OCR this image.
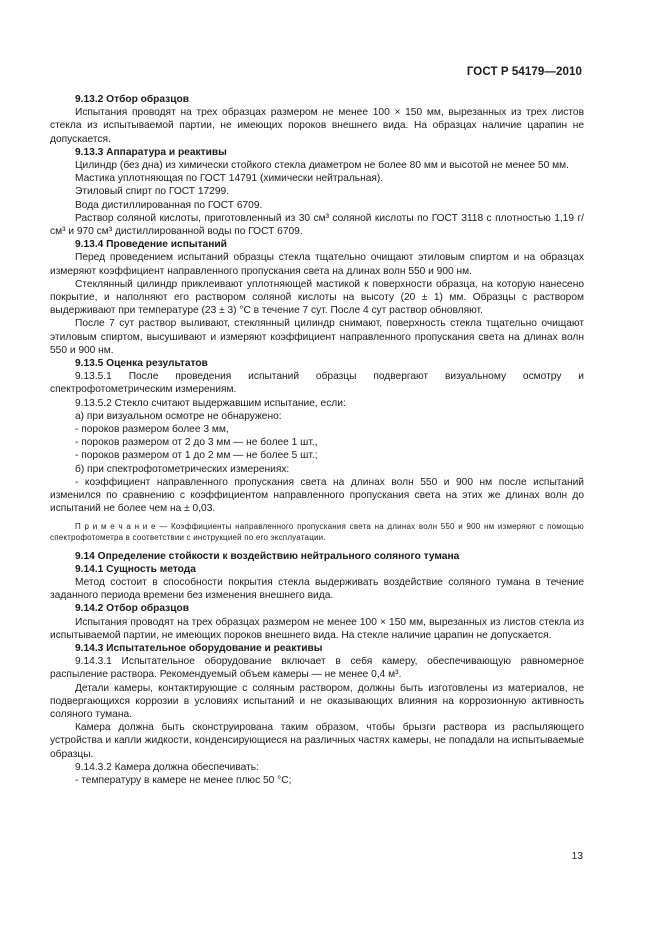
ГОСТ Р 54179—2010

9.13.2 Отбор образцов

Испытания проводят на трех образцах размером не менее 100 × 150 мм, вырезанных из трех листов стекла из испытываемой партии, не имеющих пороков внешнего вида. На образцах наличие царапин не допускается.

9.13.3 Аппаратура и реактивы

Цилиндр (без дна) из химически стойкого стекла диаметром не более 80 мм и высотой не менее 50 мм.

Мастика уплотняющая по ГОСТ 14791 (химически нейтральная).

Этиловый спирт по ГОСТ 17299.

Вода дистиллированная по ГОСТ 6709.

Раствор соляной кислоты, приготовленный из 30 см³ соляной кислоты по ГОСТ 3118 с плотностью 1,19 г/см³ и 970 см³ дистиллированной воды по ГОСТ 6709.

9.13.4 Проведение испытаний

Перед проведением испытаний образцы стекла тщательно очищают этиловым спиртом и на образцах измеряют коэффициент направленного пропускания света на длинах волн 550 и 900 нм.

Стеклянный цилиндр приклеивают уплотняющей мастикой к поверхности образца, на которую нанесено покрытие, и наполняют его раствором соляной кислоты на высоту (20 ± 1) мм. Образцы с раствором выдерживают при температуре (23 ± 3) °С в течение 7 сут. После 4 сут раствор обновляют.

После 7 сут раствор выливают, стеклянный цилиндр снимают, поверхность стекла тщательно очищают этиловым спиртом, высушивают и измеряют коэффициент направленного пропускания света на длинах волн 550 и 900 нм.

9.13.5 Оценка результатов

9.13.5.1 После проведения испытаний образцы подвергают визуальному осмотру и спектрофотометрическим измерениям.

9.13.5.2 Стекло считают выдержавшим испытание, если:

а) при визуальном осмотре не обнаружено:

- пороков размером более 3 мм,

- пороков размером от 2 до 3 мм — не более 1 шт.,

- пороков размером от 1 до 2 мм — не более 5 шт.;

б) при спектрофотометрических измерениях:

- коэффициент направленного пропускания света на длинах волн 550 и 900 нм после испытаний изменился по сравнению с коэффициентом направленного пропускания света на этих же длинах волн до испытаний не более чем на ± 0,03.

П р и м е ч а н и е — Коэффициенты направленного пропускания света на длинах волн 550 и 900 нм измеряют с помощью спектрофотометра в соответствии с инструкцией по его эксплуатации.

9.14 Определение стойкости к воздействию нейтрального соляного тумана

9.14.1 Сущность метода

Метод состоит в способности покрытия стекла выдерживать воздействие соляного тумана в течение заданного периода времени без изменения внешнего вида.

9.14.2 Отбор образцов

Испытания проводят на трех образцах размером не менее 100 × 150 мм, вырезанных из листов стекла из испытываемой партии, не имеющих пороков внешнего вида. На стекле наличие царапин не допускается.

9.14.3 Испытательное оборудование и реактивы

9.14.3.1 Испытательное оборудование включает в себя камеру, обеспечивающую равномерное распыление раствора. Рекомендуемый объем камеры — не менее 0,4 м³.

Детали камеры, контактирующие с соляным раствором, должны быть изготовлены из материалов, не подвергающихся коррозии в условиях испытаний и не оказывающих влияния на коррозионную активность соляного тумана.

Камера должна быть сконструирована таким образом, чтобы брызги раствора из распыляющего устройства и капли жидкости, конденсирующиеся на различных частях камеры, не попадали на испытываемые образцы.

9.14.3.2 Камера должна обеспечивать:

- температуру в камере не менее плюс 50 °С;

13
